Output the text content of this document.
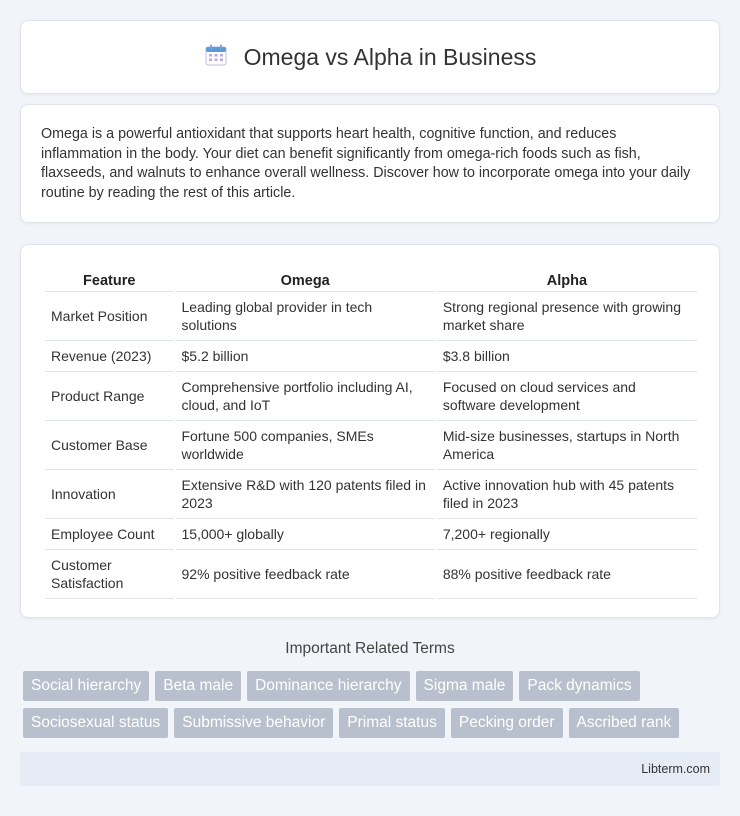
Omega vs Alpha in Business

Omega is a powerful antioxidant that supports heart health, cognitive function, and reduces inflammation in the body. Your diet can benefit significantly from omega-rich foods such as fish, flaxseeds, and walnuts to enhance overall wellness. Discover how to incorporate omega into your daily routine by reading the rest of this article.

Feature	Omega	Alpha
Market Position	Leading global provider in tech solutions	Strong regional presence with growing market share
Revenue (2023)	$5.2 billion	$3.8 billion
Product Range	Comprehensive portfolio including AI, cloud, and IoT	Focused on cloud services and software development
Customer Base	Fortune 500 companies, SMEs worldwide	Mid-size businesses, startups in North America
Innovation	Extensive R&D with 120 patents filed in 2023	Active innovation hub with 45 patents filed in 2023
Employee Count	15,000+ globally	7,200+ regionally
Customer Satisfaction	92% positive feedback rate	88% positive feedback rate
Important Related Terms
Social hierarchy	Beta male	Dominance hierarchy	Sigma male	Pack dynamics
Sociosexual status	Submissive behavior	Primal status	Pecking order	Ascribed rank
Libterm.com
